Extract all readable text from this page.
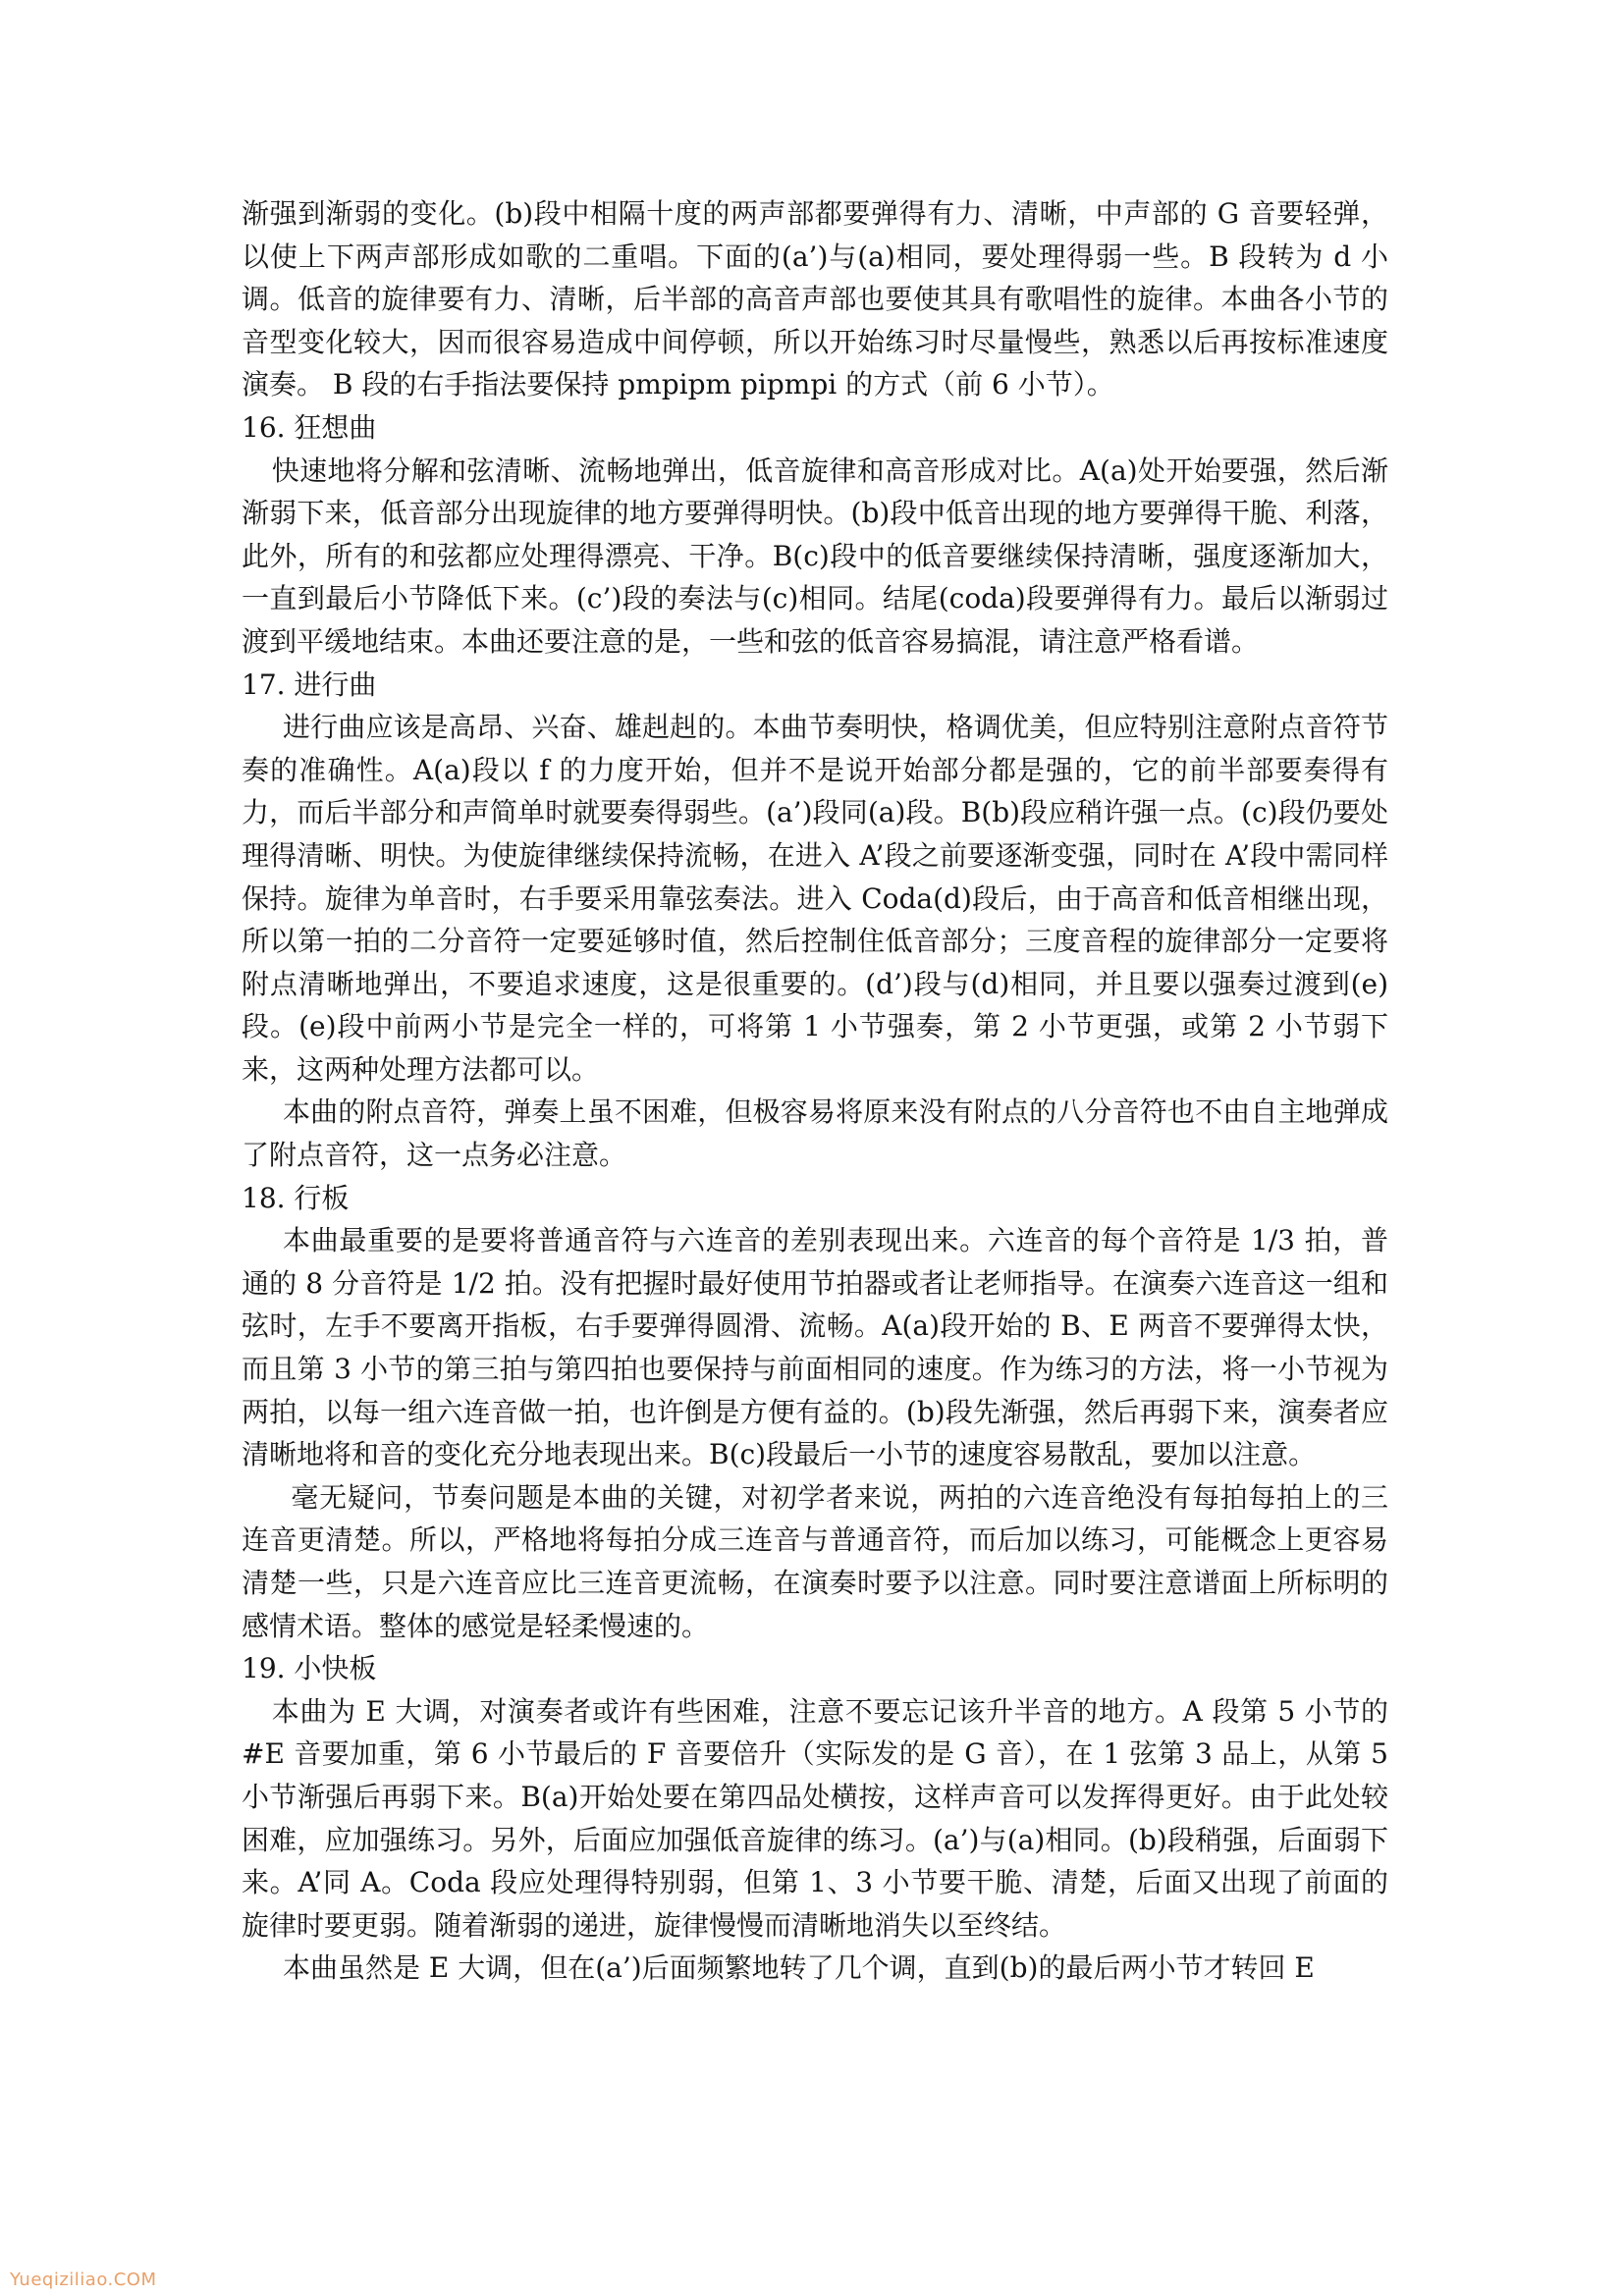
渐强到渐弱的变化。(b)段中相隔十度的两声部都要弹得有力、清晰，中声部的 G 音要轻弹，以使上下两声部形成如歌的二重唱。下面的(a’)与(a)相同，要处理得弱一些。B 段转为 d 小调。低音的旋律要有力、清晰，后半部的高音声部也要使其具有歌唱性的旋律。本曲各小节的音型变化较大，因而很容易造成中间停顿，所以开始练习时尽量慢些，熟悉以后再按标准速度演奏。 B 段的右手指法要保持 pmpipm pipmpi 的方式（前 6 小节）。

16. 狂想曲

快速地将分解和弦清晰、流畅地弹出，低音旋律和高音形成对比。A(a)处开始要强，然后渐渐弱下来，低音部分出现旋律的地方要弹得明快。(b)段中低音出现的地方要弹得干脆、利落，此外，所有的和弦都应处理得漂亮、干净。B(c)段中的低音要继续保持清晰，强度逐渐加大，一直到最后小节降低下来。(c’)段的奏法与(c)相同。结尾(coda)段要弹得有力。最后以渐弱过渡到平缓地结束。本曲还要注意的是，一些和弦的低音容易搞混，请注意严格看谱。

17. 进行曲

进行曲应该是高昂、兴奋、雄赳赳的。本曲节奏明快，格调优美，但应特别注意附点音符节奏的准确性。A(a)段以 f 的力度开始，但并不是说开始部分都是强的，它的前半部要奏得有力，而后半部分和声简单时就要奏得弱些。(a’)段同(a)段。B(b)段应稍许强一点。(c)段仍要处理得清晰、明快。为使旋律继续保持流畅，在进入 A’段之前要逐渐变强，同时在 A’段中需同样保持。旋律为单音时，右手要采用靠弦奏法。进入 Coda(d)段后，由于高音和低音相继出现，所以第一拍的二分音符一定要延够时值，然后控制住低音部分；三度音程的旋律部分一定要将附点清晰地弹出，不要追求速度，这是很重要的。(d’)段与(d)相同，并且要以强奏过渡到(e)段。(e)段中前两小节是完全一样的，可将第 1 小节强奏，第 2 小节更强，或第 2 小节弱下来，这两种处理方法都可以。

本曲的附点音符，弹奏上虽不困难，但极容易将原来没有附点的八分音符也不由自主地弹成了附点音符，这一点务必注意。

18. 行板

本曲最重要的是要将普通音符与六连音的差别表现出来。六连音的每个音符是 1/3 拍，普通的 8 分音符是 1/2 拍。没有把握时最好使用节拍器或者让老师指导。在演奏六连音这一组和弦时，左手不要离开指板，右手要弹得圆滑、流畅。A(a)段开始的 B、E 两音不要弹得太快，而且第 3 小节的第三拍与第四拍也要保持与前面相同的速度。作为练习的方法，将一小节视为两拍，以每一组六连音做一拍，也许倒是方便有益的。(b)段先渐强，然后再弱下来，演奏者应清晰地将和音的变化充分地表现出来。B(c)段最后一小节的速度容易散乱，要加以注意。

毫无疑问，节奏问题是本曲的关键，对初学者来说，两拍的六连音绝没有每拍每拍上的三连音更清楚。所以，严格地将每拍分成三连音与普通音符，而后加以练习，可能概念上更容易清楚一些，只是六连音应比三连音更流畅，在演奏时要予以注意。同时要注意谱面上所标明的感情术语。整体的感觉是轻柔慢速的。

19. 小快板

本曲为 E 大调，对演奏者或许有些困难，注意不要忘记该升半音的地方。A 段第 5 小节的#E 音要加重，第 6 小节最后的 F 音要倍升（实际发的是 G 音），在 1 弦第 3 品上，从第 5 小节渐强后再弱下来。B(a)开始处要在第四品处横按，这样声音可以发挥得更好。由于此处较困难，应加强练习。另外，后面应加强低音旋律的练习。(a’)与(a)相同。(b)段稍强，后面弱下来。A’同 A。Coda 段应处理得特别弱，但第 1、3 小节要干脆、清楚，后面又出现了前面的旋律时要更弱。随着渐弱的递进，旋律慢慢而清晰地消失以至终结。

本曲虽然是 E 大调，但在(a’)后面频繁地转了几个调，直到(b)的最后两小节才转回 E

Yueqiziliao.COM
